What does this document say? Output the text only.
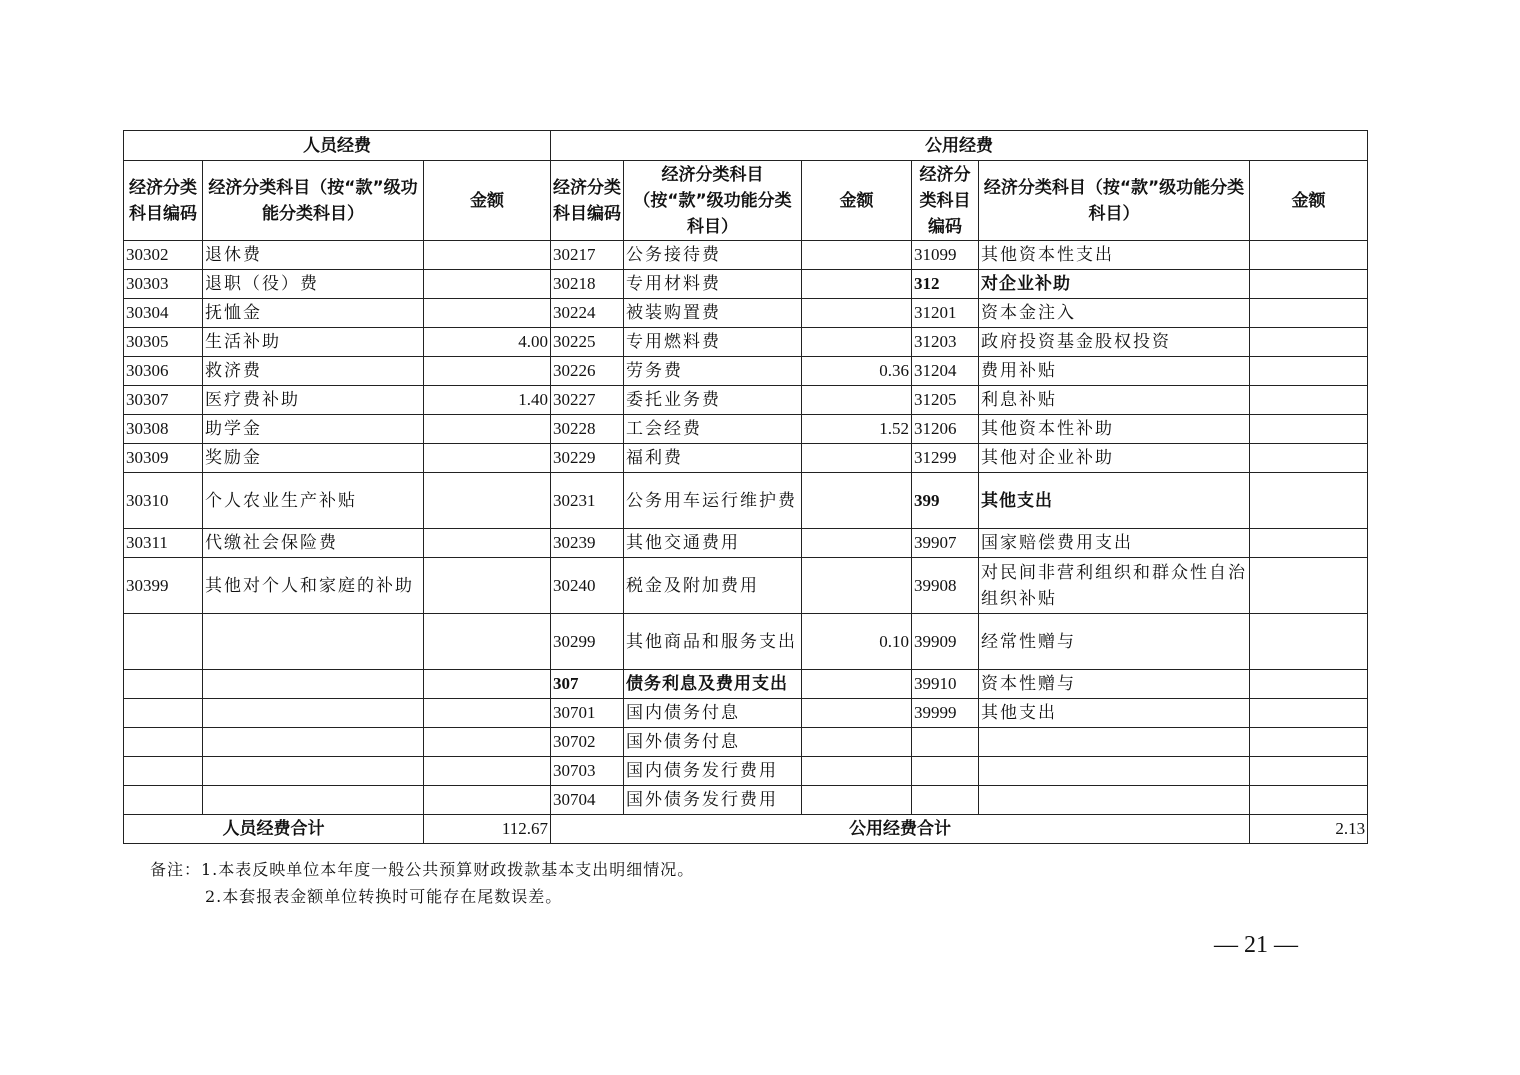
人员经费			公用经费					
经济分类科目编码	经济分类科目（按“款”级功能分类科目）	金额	经济分类科目编码	经济分类科目（按“款”级功能分类科目）	金额	经济分类科目编码	经济分类科目（按“款”级功能分类科目）	金额
30302	退休费		30217	公务接待费		31099	其他资本性支出	
30303	退职（役）费		30218	专用材料费		312	对企业补助	
30304	抚恤金		30224	被装购置费		31201	资本金注入	
30305	生活补助	4.00	30225	专用燃料费		31203	政府投资基金股权投资	
30306	救济费		30226	劳务费	0.36	31204	费用补贴	
30307	医疗费补助	1.40	30227	委托业务费		31205	利息补贴	
30308	助学金		30228	工会经费	1.52	31206	其他资本性补助	
30309	奖励金		30229	福利费		31299	其他对企业补助	
30310	个人农业生产补贴		30231	公务用车运行维护费		399	其他支出	
30311	代缴社会保险费		30239	其他交通费用		39907	国家赔偿费用支出	
30399	其他对个人和家庭的补助		30240	税金及附加费用		39908	对民间非营利组织和群众性自治组织补贴	
			30299	其他商品和服务支出	0.10	39909	经常性赠与	
			307	债务利息及费用支出		39910	资本性赠与	
			30701	国内债务付息		39999	其他支出	
			30702	国外债务付息				
			30703	国内债务发行费用				
			30704	国外债务发行费用				
人员经费合计		112.67	公用经费合计					2.13
备注：1.本表反映单位本年度一般公共预算财政拨款基本支出明细情况。
2.本套报表金额单位转换时可能存在尾数误差。
— 21 —
